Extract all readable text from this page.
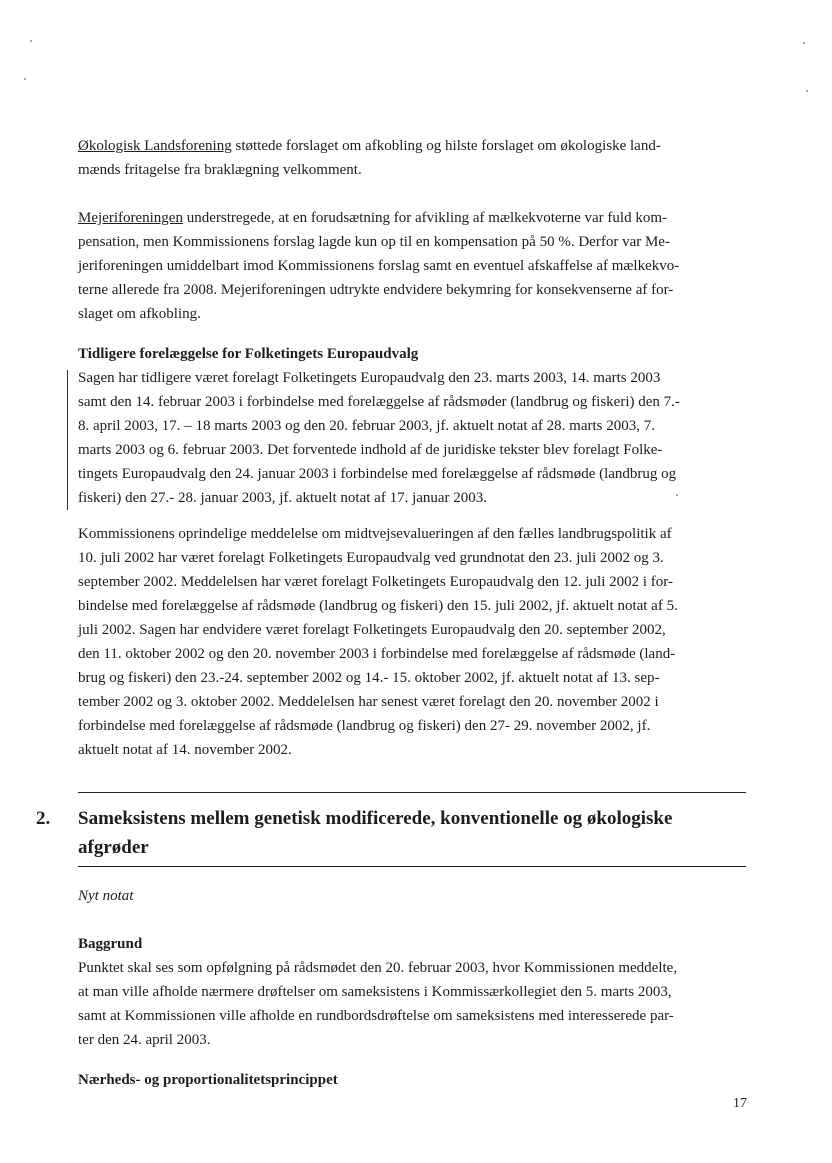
Økologisk Landsforening støttede forslaget om afkobling og hilste forslaget om økologiske land-
mænds fritagelse fra braklægning velkomment.
Mejeriforeningen understregede, at en forudsætning for afvikling af mælkekvoterne var fuld kom-
pensation, men Kommissionens forslag lagde kun op til en kompensation på 50 %. Derfor var Me-
jeriforeningen umiddelbart imod Kommissionens forslag samt en eventuel afskaffelse af mælkekvo-
terne allerede fra 2008. Mejeriforeningen udtrykte endvidere bekymring for konsekvenserne af for-
slaget om afkobling.
Tidligere forelæggelse for Folketingets Europaudvalg
Sagen har tidligere været forelagt Folketingets Europaudvalg den 23. marts 2003, 14. marts 2003
samt den 14. februar 2003 i forbindelse med forelæggelse af rådsmøder (landbrug og fiskeri) den 7.-
8. april 2003, 17. – 18 marts 2003 og den 20. februar 2003, jf. aktuelt notat af 28. marts 2003, 7.
marts 2003 og 6. februar 2003. Det forventede indhold af de juridiske tekster blev forelagt Folke-
tingets Europaudvalg den 24. januar 2003 i forbindelse med forelæggelse af rådsmøde (landbrug og
fiskeri) den 27.- 28. januar 2003, jf. aktuelt notat af 17. januar 2003.
Kommissionens oprindelige meddelelse om midtvejsevalueringen af den fælles landbrugspolitik af
10. juli 2002 har været forelagt Folketingets Europaudvalg ved grundnotat den 23. juli 2002 og 3.
september 2002. Meddelelsen har været forelagt Folketingets Europaudvalg den 12. juli 2002 i for-
bindelse med forelæggelse af rådsmøde (landbrug og fiskeri) den 15. juli 2002, jf. aktuelt notat af 5.
juli 2002. Sagen har endvidere været forelagt Folketingets Europaudvalg den 20. september 2002,
den 11. oktober 2002 og den 20. november 2003 i forbindelse med forelæggelse af rådsmøde (land-
brug og fiskeri) den 23.-24. september 2002 og 14.- 15. oktober 2002, jf. aktuelt notat af 13. sep-
tember 2002 og 3. oktober 2002. Meddelelsen har senest været forelagt den 20. november 2002 i
forbindelse med forelæggelse af rådsmøde (landbrug og fiskeri) den 27- 29. november 2002, jf.
aktuelt notat af 14. november 2002.
2. Sameksistens mellem genetisk modificerede, konventionelle og økologiske
afgrøder
Nyt notat
Baggrund
Punktet skal ses som opfølgning på rådsmødet den 20. februar 2003, hvor Kommissionen meddelte,
at man ville afholde nærmere drøftelser om sameksistens i Kommissærkollegiet den 5. marts 2003,
samt at Kommissionen ville afholde en rundbordsdrøftelse om sameksistens med interesserede par-
ter den 24. april 2003.
Nærheds- og proportionalitetsprincippet
17
